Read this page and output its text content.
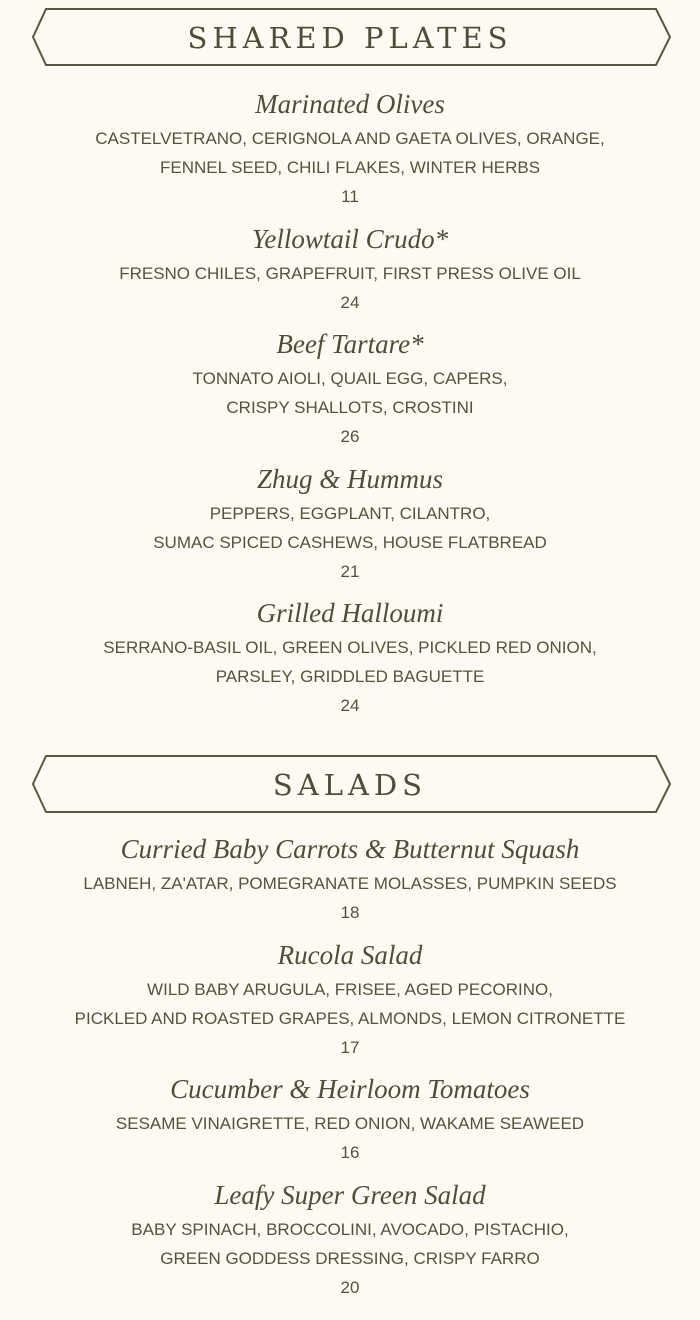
SHARED PLATES
Marinated Olives
CASTELVETRANO, CERIGNOLA AND GAETA OLIVES, ORANGE,
FENNEL SEED, CHILI FLAKES, WINTER HERBS
11
Yellowtail Crudo*
FRESNO CHILES, GRAPEFRUIT, FIRST PRESS OLIVE OIL
24
Beef Tartare*
TONNATO AIOLI, QUAIL EGG, CAPERS,
CRISPY SHALLOTS, CROSTINI
26
Zhug & Hummus
PEPPERS, EGGPLANT, CILANTRO,
SUMAC SPICED CASHEWS, HOUSE FLATBREAD
21
Grilled Halloumi
SERRANO-BASIL OIL, GREEN OLIVES, PICKLED RED ONION,
PARSLEY, GRIDDLED BAGUETTE
24
SALADS
Curried Baby Carrots & Butternut Squash
LABNEH, ZA'ATAR, POMEGRANATE MOLASSES, PUMPKIN SEEDS
18
Rucola Salad
WILD BABY ARUGULA, FRISEE, AGED PECORINO,
PICKLED AND ROASTED GRAPES, ALMONDS, LEMON CITRONETTE
17
Cucumber & Heirloom Tomatoes
SESAME VINAIGRETTE, RED ONION, WAKAME SEAWEED
16
Leafy Super Green Salad
BABY SPINACH, BROCCOLINI, AVOCADO, PISTACHIO,
GREEN GODDESS DRESSING, CRISPY FARRO
20
